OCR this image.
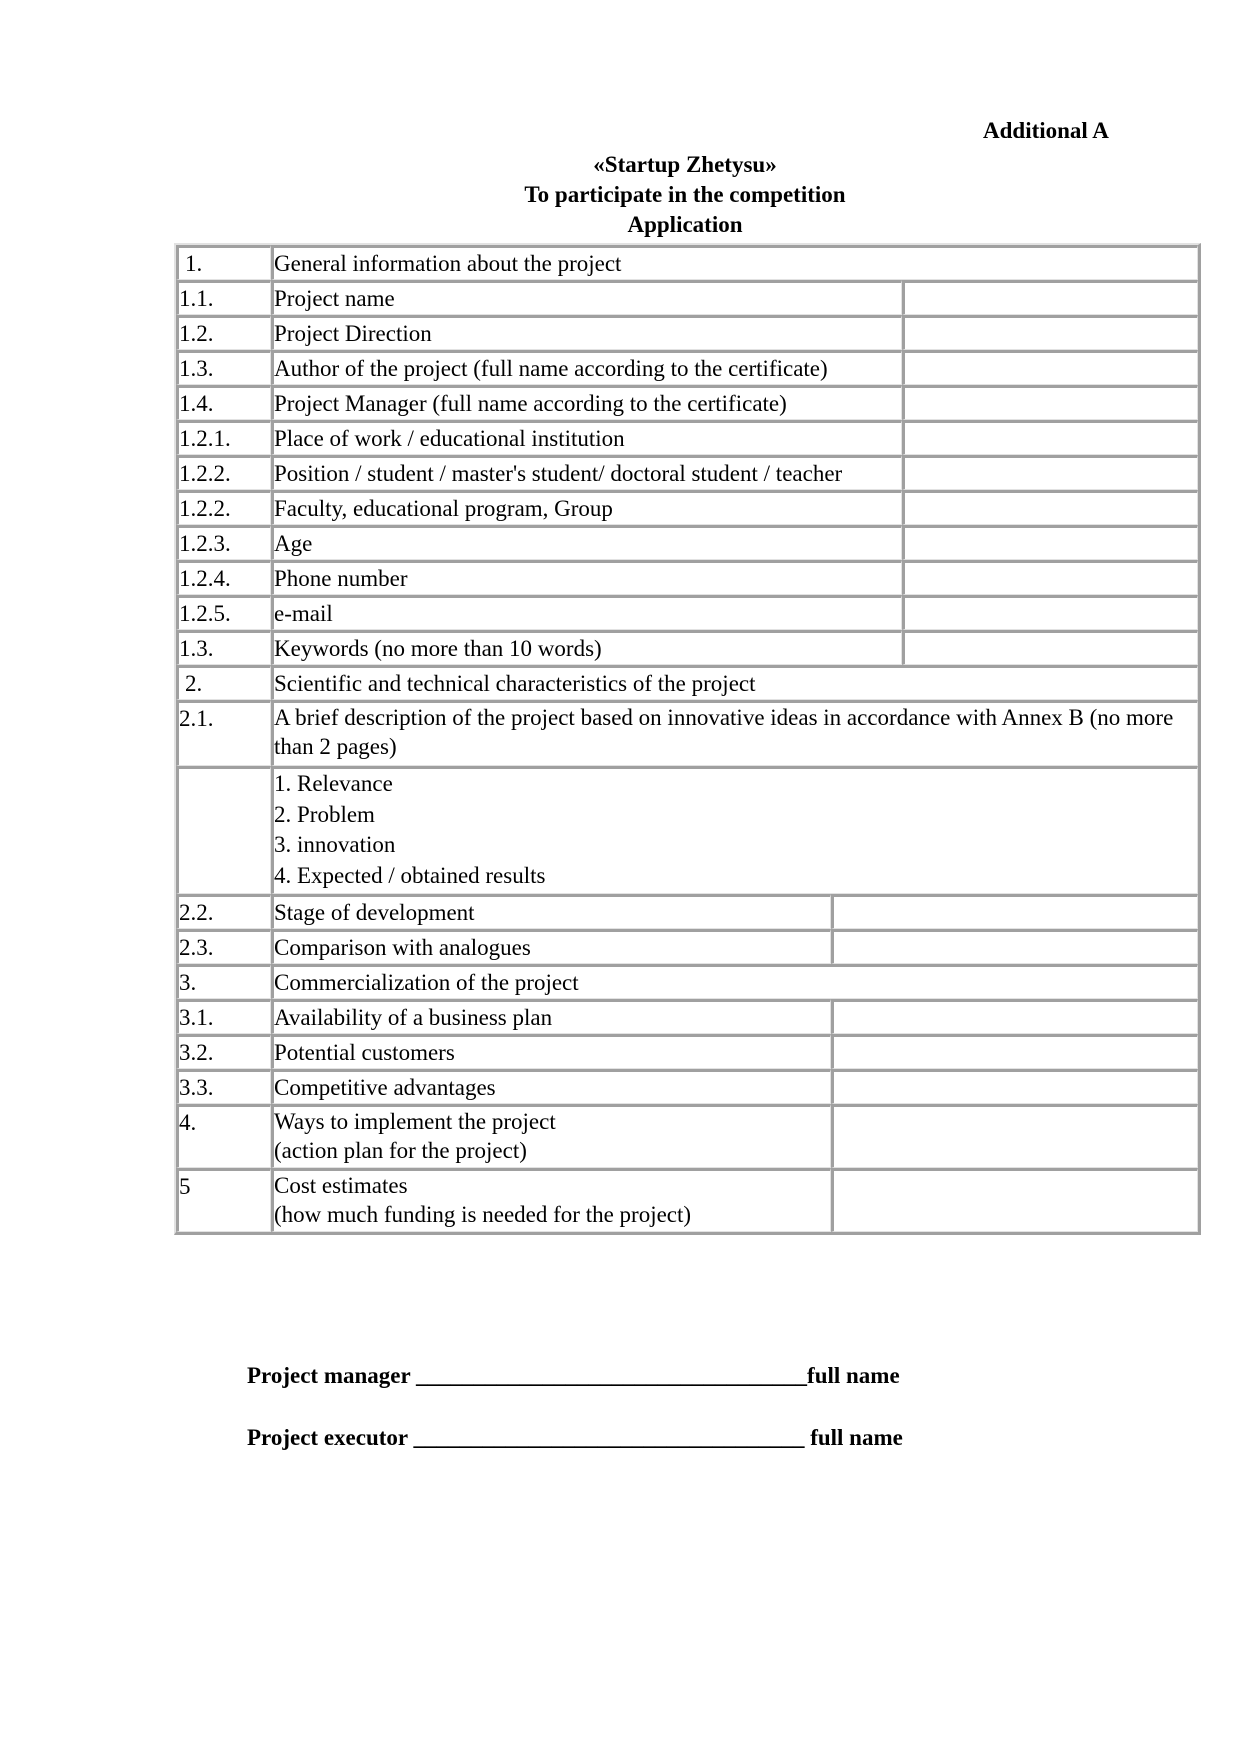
Additional A
«Startup Zhetysu»
To participate in the competition
Application
1.	General information about the project		
1.1.	Project name		
1.2.	Project Direction		
1.3.	Author of the project (full name according to the certificate)		
1.4.	Project Manager (full name according to the certificate)		
1.2.1.	Place of work / educational institution		
1.2.2.	Position / student / master's student/ doctoral student / teacher		
1.2.2.	Faculty, educational program, Group		
1.2.3.	Age		
1.2.4.	Phone number		
1.2.5.	e-mail		
1.3.	Keywords (no more than 10 words)		
2.	Scientific and technical characteristics of the project		
2.1.	A brief description of the project based on innovative ideas in accordance with Annex B (no more than 2 pages)		

	1. Relevance
2. Problem
3. innovation
4. Expected / obtained results		

2.2.	Stage of development		
2.3.	Comparison with analogues		
3.	Commercialization of the project		
3.1.	Availability of a business plan		
3.2.	Potential customers		
3.3.	Competitive advantages		
4.	Ways to implement the project
(action plan for the project)		

5	Cost estimates
(how much funding is needed for the project)		

Project manager __________________________________full name
Project executor __________________________________ full name
